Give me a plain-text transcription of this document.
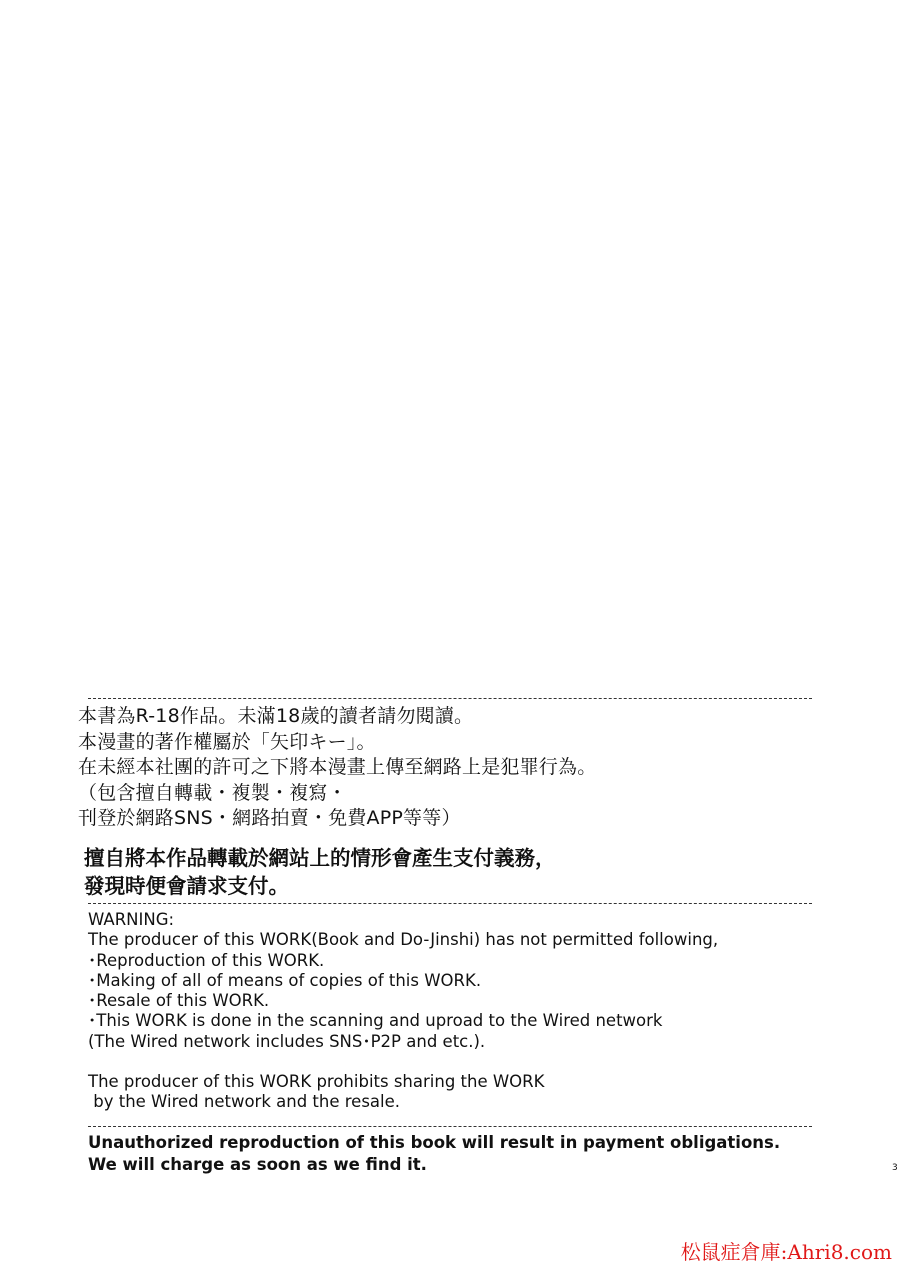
本書為R-18作品。未滿18歲的讀者請勿閱讀。
本漫畫的著作權屬於「矢印キー」。
在未經本社團的許可之下將本漫畫上傳至網路上是犯罪行為。
（包含擅自轉載・複製・複寫・
刊登於網路SNS・網路拍賣・免費APP等等）
擅自將本作品轉載於網站上的情形會產生支付義務，
發現時便會請求支付。
WARNING:
The producer of this WORK(Book and Do-Jinshi) has not permitted following,
･Reproduction of this WORK.
･Making of all of means of copies of this WORK.
･Resale of this WORK.
･This WORK is done in the scanning and uproad to the Wired network
(The Wired network includes SNS･P2P and etc.).
The producer of this WORK prohibits sharing the WORK
by the Wired network and the resale.
Unauthorized reproduction of this book will result in payment obligations.
We will charge as soon as we find it.	3
松鼠症倉庫:Ahri8.com
